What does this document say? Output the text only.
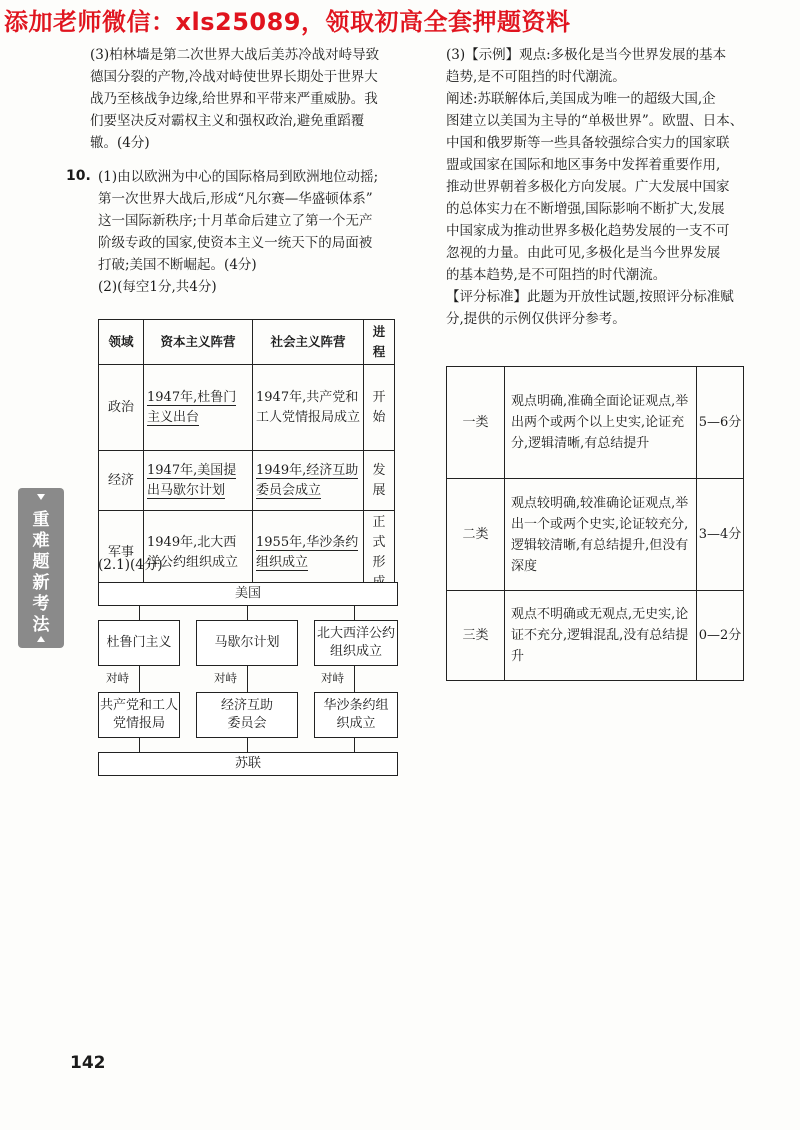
添加老师微信：xls25089，领取初高全套押题资料
(3)柏林墙是第二次世界大战后美苏冷战对峙导致
德国分裂的产物,冷战对峙使世界长期处于世界大
战乃至核战争边缘,给世界和平带来严重威胁。我
们要坚决反对霸权主义和强权政治,避免重蹈覆
辙。(4分)
10. (1)由以欧洲为中心的国际格局到欧洲地位动摇;
第一次世界大战后,形成“凡尔赛—华盛顿体系”
这一国际新秩序;十月革命后建立了第一个无产
阶级专政的国家,使资本主义一统天下的局面被
打破;美国不断崛起。(4分)
(2)(每空1分,共4分)
领域	资本主义阵营	社会主义阵营	进程
政治	1947年,杜鲁门主义出台	1947年,共产党和工人党情报局成立	开始
经济	1947年,美国提出马歇尔计划	1949年,经济互助委员会成立	发展
军事	1949年,北大西洋公约组织成立	1955年,华沙条约组织成立	正式形
(2.1)(4分)
美国
杜鲁门主义	马歇尔计划
北大西洋公约组织成立
对峙	对峙	对峙
共产党和工人党情报局
经济互助委员会
华沙条约组织成立
苏联
(3)【示例】观点:多极化是当今世界发展的基本
趋势,是不可阻挡的时代潮流。
阐述:苏联解体后,美国成为唯一的超级大国,企
图建立以美国为主导的“单极世界”。欧盟、日本、
中国和俄罗斯等一些具备较强综合实力的国家联
盟或国家在国际和地区事务中发挥着重要作用,
推动世界朝着多极化方向发展。广大发展中国家
的总体实力在不断增强,国际影响不断扩大,发展
中国家成为推动世界多极化趋势发展的一支不可
忽视的力量。由此可见,多极化是当今世界发展
的基本趋势,是不可阻挡的时代潮流。
【评分标准】此题为开放性试题,按照评分标准赋
分,提供的示例仅供评分参考。
一类	观点明确,准确全面论证观点,举出两个或两个以上史实,论证充分,逻辑清晰,有总结提升	5—6分
二类	观点较明确,较准确论证观点,举出一个或两个史实,论证较充分,逻辑较清晰,有总结提升,但没有深度	3—4分
三类	观点不明确或无观点,无史实,论证不充分,逻辑混乱,没有总结提升	0—2分
重
难
题
新
考
法
142
